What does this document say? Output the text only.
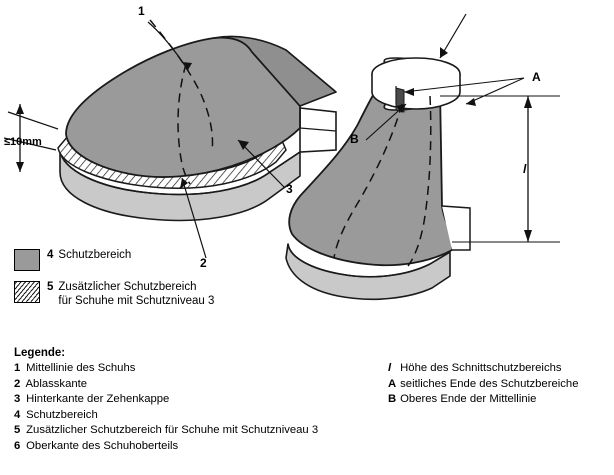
1
2
3
A
B
l
≤10mm
4 Schutzbereich
5 Zusätzlicher Schutzbereich
für Schuhe mit Schutzniveau 3
Legende:
1 Mittellinie des Schuhs
2 Ablasskante
3 Hinterkante der Zehenkappe
4 Schutzbereich
5 Zusätzlicher Schutzbereich für Schuhe mit Schutzniveau 3
6 Oberkante des Schuhoberteils
l Höhe des Schnittschutzbereichs
A seitliches Ende des Schutzbereiche
B Oberes Ende der Mittellinie
